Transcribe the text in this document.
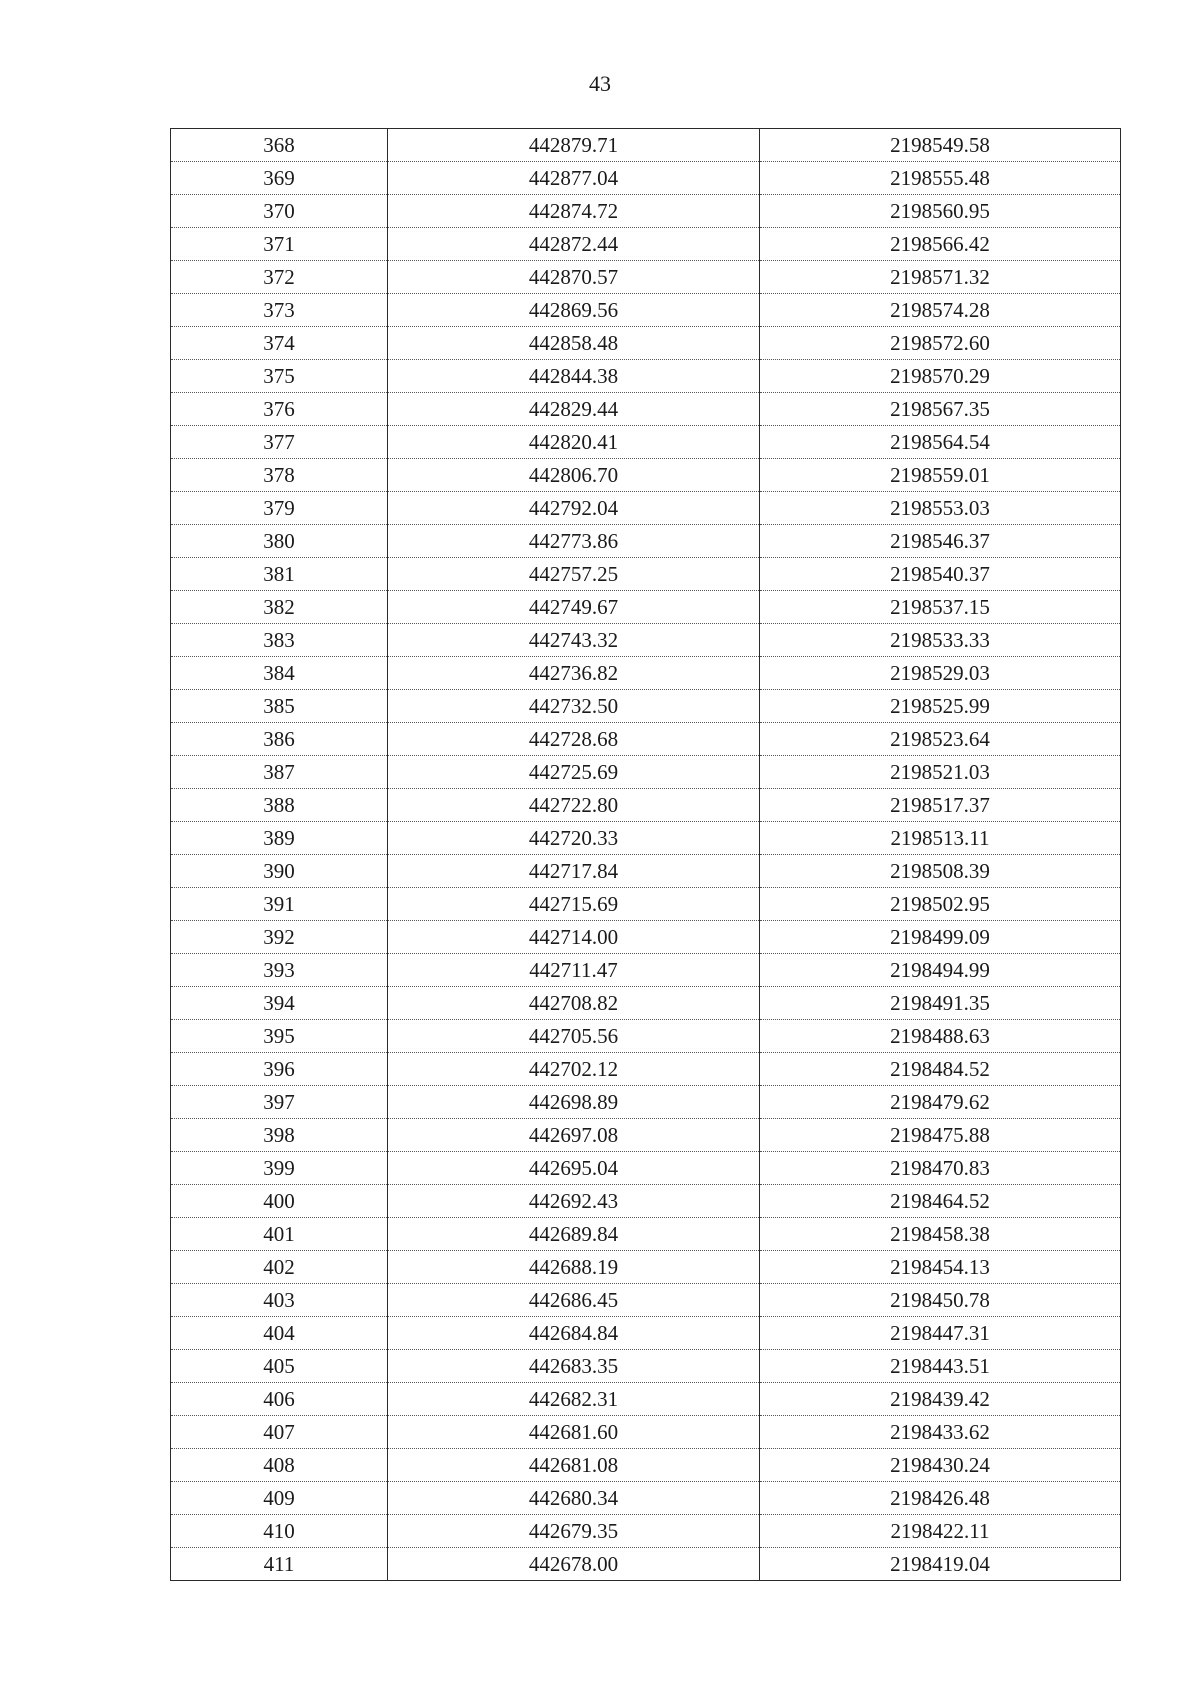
43
368	442879.71	2198549.58
369	442877.04	2198555.48
370	442874.72	2198560.95
371	442872.44	2198566.42
372	442870.57	2198571.32
373	442869.56	2198574.28
374	442858.48	2198572.60
375	442844.38	2198570.29
376	442829.44	2198567.35
377	442820.41	2198564.54
378	442806.70	2198559.01
379	442792.04	2198553.03
380	442773.86	2198546.37
381	442757.25	2198540.37
382	442749.67	2198537.15
383	442743.32	2198533.33
384	442736.82	2198529.03
385	442732.50	2198525.99
386	442728.68	2198523.64
387	442725.69	2198521.03
388	442722.80	2198517.37
389	442720.33	2198513.11
390	442717.84	2198508.39
391	442715.69	2198502.95
392	442714.00	2198499.09
393	442711.47	2198494.99
394	442708.82	2198491.35
395	442705.56	2198488.63
396	442702.12	2198484.52
397	442698.89	2198479.62
398	442697.08	2198475.88
399	442695.04	2198470.83
400	442692.43	2198464.52
401	442689.84	2198458.38
402	442688.19	2198454.13
403	442686.45	2198450.78
404	442684.84	2198447.31
405	442683.35	2198443.51
406	442682.31	2198439.42
407	442681.60	2198433.62
408	442681.08	2198430.24
409	442680.34	2198426.48
410	442679.35	2198422.11
411	442678.00	2198419.04
